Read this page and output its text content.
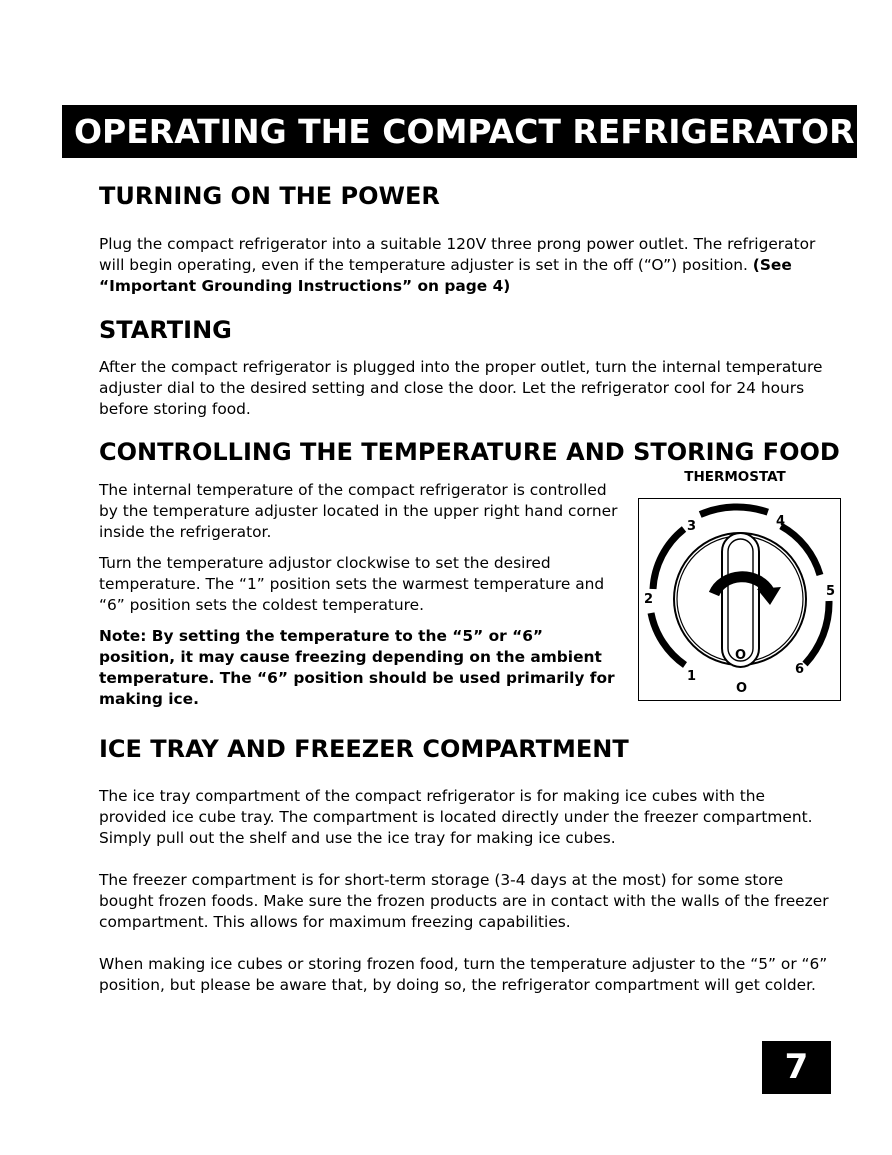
OPERATING THE COMPACT REFRIGERATOR
TURNING ON THE POWER

Plug the compact refrigerator into a suitable 120V three prong power outlet. The refrigerator will begin operating, even if the temperature adjuster is set in the off (“O”) position. (See “Important Grounding Instructions” on page 4)

STARTING

After the compact refrigerator is plugged into the proper outlet, turn the internal temperature adjuster dial to the desired setting and close the door. Let the refrigerator cool for 24 hours before storing food.

CONTROLLING THE TEMPERATURE AND STORING FOOD

The internal temperature of the compact refrigerator is controlled by the temperature adjuster located in the upper right hand corner inside the refrigerator.

Turn the temperature adjustor clockwise to set the desired temperature. The “1” position sets the warmest temperature and “6” position sets the coldest temperature.

Note: By setting the temperature to the “5” or “6” position, it may cause freezing depending on the ambient temperature. The “6” position should be used primarily for making ice.

THERMOSTAT
1
2
3	4
5
6
O
O
ICE TRAY AND FREEZER COMPARTMENT

The ice tray compartment of the compact refrigerator is for making ice cubes with the provided ice cube tray. The compartment is located directly under the freezer compartment. Simply pull out the shelf and use the ice tray for making ice cubes.

The freezer compartment is for short-term storage (3-4 days at the most) for some store bought frozen foods. Make sure the frozen products are in contact with the walls of the freezer compartment. This allows for maximum freezing capabilities.

When making ice cubes or storing frozen food, turn the temperature adjuster to the “5” or “6” position, but please be aware that, by doing so, the refrigerator compartment will get colder.

7
